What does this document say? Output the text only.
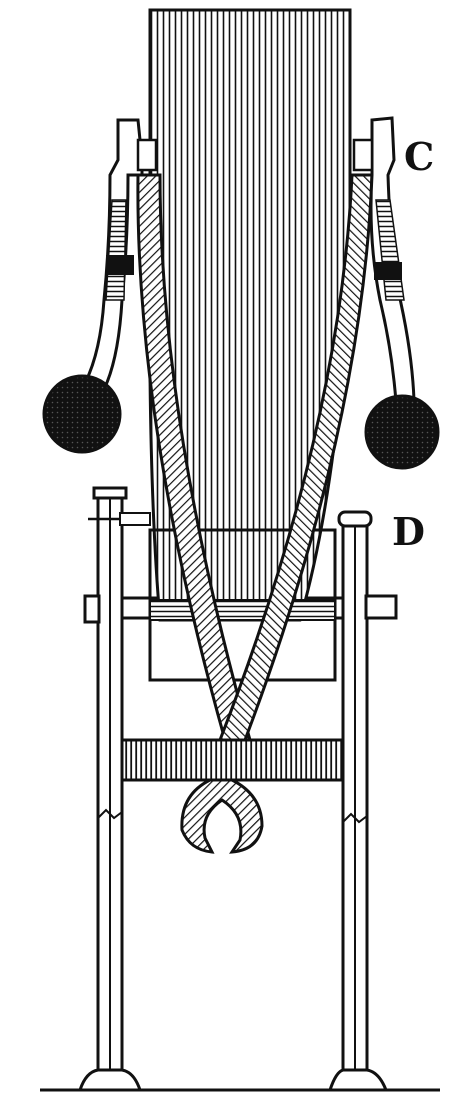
C
D
